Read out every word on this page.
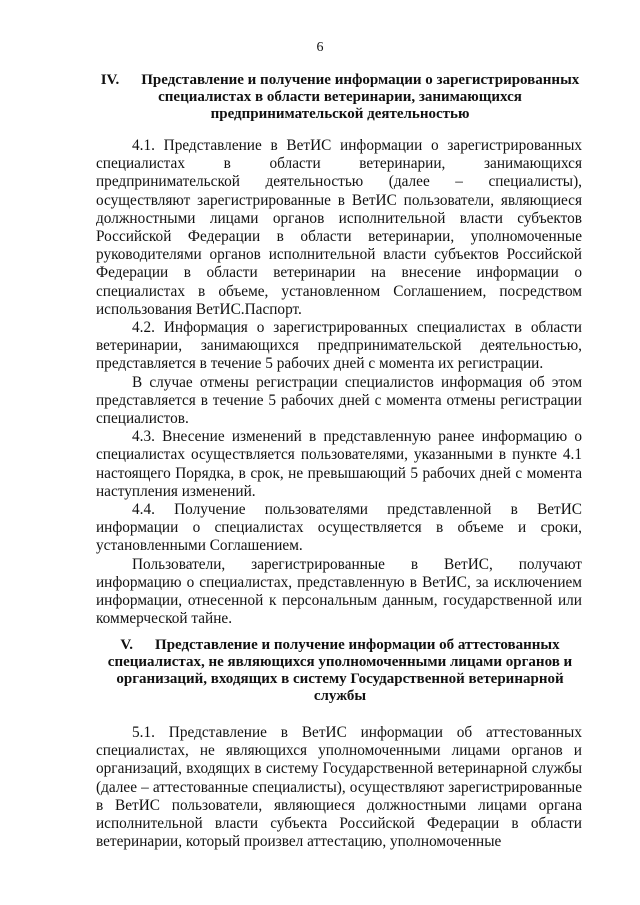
6
IV. Представление и получение информации о зарегистрированных специалистах в области ветеринарии, занимающихся предпринимательской деятельностью

4.1. Представление в ВетИС информации о зарегистрированных специалистах в области ветеринарии, занимающихся предпринимательской деятельностью (далее – специалисты), осуществляют зарегистрированные в ВетИС пользователи, являющиеся должностными лицами органов исполнительной власти субъектов Российской Федерации в области ветеринарии, уполномоченные руководителями органов исполнительной власти субъектов Российской Федерации в области ветеринарии на внесение информации о специалистах в объеме, установленном Соглашением, посредством использования ВетИС.Паспорт.

4.2. Информация о зарегистрированных специалистах в области ветеринарии, занимающихся предпринимательской деятельностью, представляется в течение 5 рабочих дней с момента их регистрации.

В случае отмены регистрации специалистов информация об этом представляется в течение 5 рабочих дней с момента отмены регистрации специалистов.

4.3. Внесение изменений в представленную ранее информацию о специалистах осуществляется пользователями, указанными в пункте 4.1 настоящего Порядка, в срок, не превышающий 5 рабочих дней с момента наступления изменений.

4.4. Получение пользователями представленной в ВетИС информации о специалистах осуществляется в объеме и сроки, установленными Соглашением.

Пользователи, зарегистрированные в ВетИС, получают информацию о специалистах, представленную в ВетИС, за исключением информации, отнесенной к персональным данным, государственной или коммерческой тайне.

V. Представление и получение информации об аттестованных специалистах, не являющихся уполномоченными лицами органов и организаций, входящих в систему Государственной ветеринарной службы

5.1. Представление в ВетИС информации об аттестованных специалистах, не являющихся уполномоченными лицами органов и организаций, входящих в систему Государственной ветеринарной службы (далее – аттестованные специалисты), осуществляют зарегистрированные в ВетИС пользователи, являющиеся должностными лицами органа исполнительной власти субъекта Российской Федерации в области ветеринарии, который произвел аттестацию, уполномоченные
